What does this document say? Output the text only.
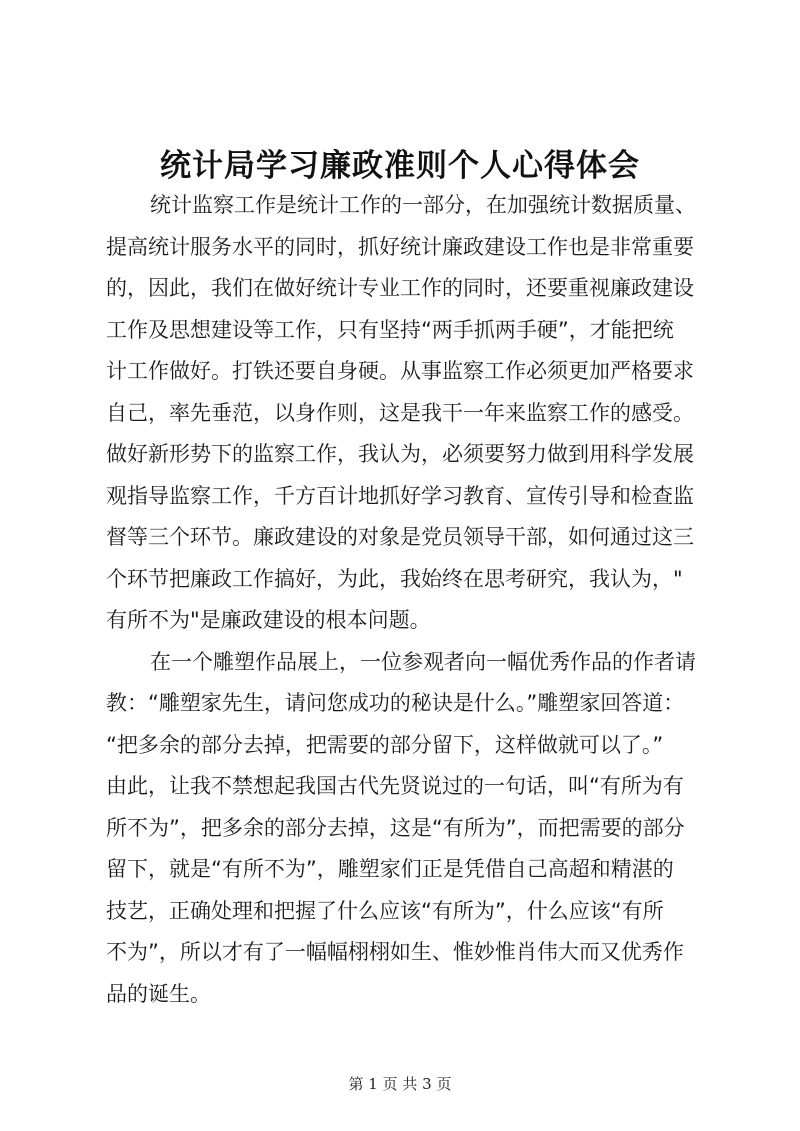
统计局学习廉政准则个人心得体会
统计监察工作是统计工作的一部分，在加强统计数据质量、
提高统计服务水平的同时，抓好统计廉政建设工作也是非常重要
的，因此，我们在做好统计专业工作的同时，还要重视廉政建设
工作及思想建设等工作，只有坚持“两手抓两手硬”，才能把统
计工作做好。打铁还要自身硬。从事监察工作必须更加严格要求
自己，率先垂范，以身作则，这是我干一年来监察工作的感受。
做好新形势下的监察工作，我认为，必须要努力做到用科学发展
观指导监察工作，千方百计地抓好学习教育、宣传引导和检查监
督等三个环节。廉政建设的对象是党员领导干部，如何通过这三
个环节把廉政工作搞好，为此，我始终在思考研究，我认为，"
有所不为"是廉政建设的根本问题。
在一个雕塑作品展上，一位参观者向一幅优秀作品的作者请
教：“雕塑家先生，请问您成功的秘诀是什么。”雕塑家回答道：
“把多余的部分去掉，把需要的部分留下，这样做就可以了。”
由此，让我不禁想起我国古代先贤说过的一句话，叫“有所为有
所不为”，把多余的部分去掉，这是“有所为”，而把需要的部分
留下，就是“有所不为”，雕塑家们正是凭借自己高超和精湛的
技艺，正确处理和把握了什么应该“有所为”，什么应该“有所
不为”，所以才有了一幅幅栩栩如生、惟妙惟肖伟大而又优秀作
品的诞生。
第 1 页 共 3 页
